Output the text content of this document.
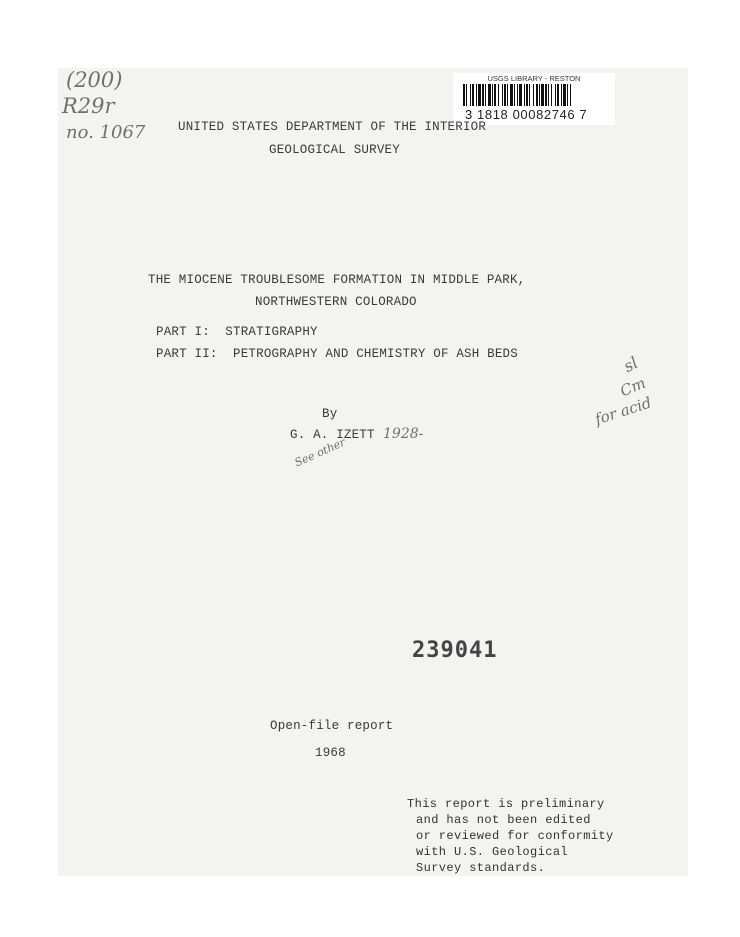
USGS LIBRARY - RESTON

3 1818 00082746 7

(200)

R29r

no. 1067	UNITED STATES DEPARTMENT OF THE INTERIOR

GEOLOGICAL SURVEY

THE MIOCENE TROUBLESOME FORMATION IN MIDDLE PARK,

NORTHWESTERN COLORADO

PART I:  STRATIGRAPHY

PART II:  PETROGRAPHY AND CHEMISTRY OF ASH BEDS	sl

Cm

for acid

By

G. A. IZETT 1928-

See other

239041

Open-file report

1968

This report is preliminary

and has not been edited

or reviewed for conformity

with U.S. Geological

Survey standards.
